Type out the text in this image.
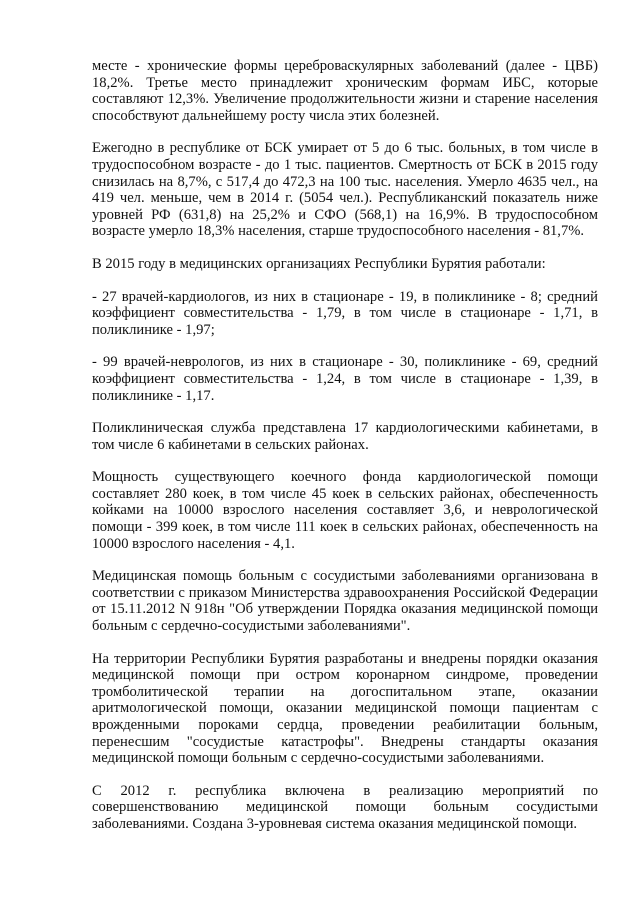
месте - хронические формы цереброваскулярных заболеваний (далее - ЦВБ) 18,2%. Третье место принадлежит хроническим формам ИБС, которые составляют 12,3%. Увеличение продолжительности жизни и старение населения способствуют дальнейшему росту числа этих болезней.

Ежегодно в республике от БСК умирает от 5 до 6 тыс. больных, в том числе в трудоспособном возрасте - до 1 тыс. пациентов. Смертность от БСК в 2015 году снизилась на 8,7%, с 517,4 до 472,3 на 100 тыс. населения. Умерло 4635 чел., на 419 чел. меньше, чем в 2014 г. (5054 чел.). Республиканский показатель ниже уровней РФ (631,8) на 25,2% и СФО (568,1) на 16,9%. В трудоспособном возрасте умерло 18,3% населения, старше трудоспособного населения - 81,7%.

В 2015 году в медицинских организациях Республики Бурятия работали:

- 27 врачей-кардиологов, из них в стационаре - 19, в поликлинике - 8; средний коэффициент совместительства - 1,79, в том числе в стационаре - 1,71, в поликлинике - 1,97;

- 99 врачей-неврологов, из них в стационаре - 30, поликлинике - 69, средний коэффициент совместительства - 1,24, в том числе в стационаре - 1,39, в поликлинике - 1,17.

Поликлиническая служба представлена 17 кардиологическими кабинетами, в том числе 6 кабинетами в сельских районах.

Мощность существующего коечного фонда кардиологической помощи составляет 280 коек, в том числе 45 коек в сельских районах, обеспеченность койками на 10000 взрослого населения составляет 3,6, и неврологической помощи - 399 коек, в том числе 111 коек в сельских районах, обеспеченность на 10000 взрослого населения - 4,1.

Медицинская помощь больным с сосудистыми заболеваниями организована в соответствии с приказом Министерства здравоохранения Российской Федерации от 15.11.2012 N 918н "Об утверждении Порядка оказания медицинской помощи больным с сердечно-сосудистыми заболеваниями".

На территории Республики Бурятия разработаны и внедрены порядки оказания медицинской помощи при остром коронарном синдроме, проведении тромболитической терапии на догоспитальном этапе, оказании аритмологической помощи, оказании медицинской помощи пациентам с врожденными пороками сердца, проведении реабилитации больным, перенесшим "сосудистые катастрофы". Внедрены стандарты оказания медицинской помощи больным с сердечно-сосудистыми заболеваниями.

С 2012 г. республика включена в реализацию мероприятий по совершенствованию медицинской помощи больным сосудистыми заболеваниями. Создана 3-уровневая система оказания медицинской помощи.
